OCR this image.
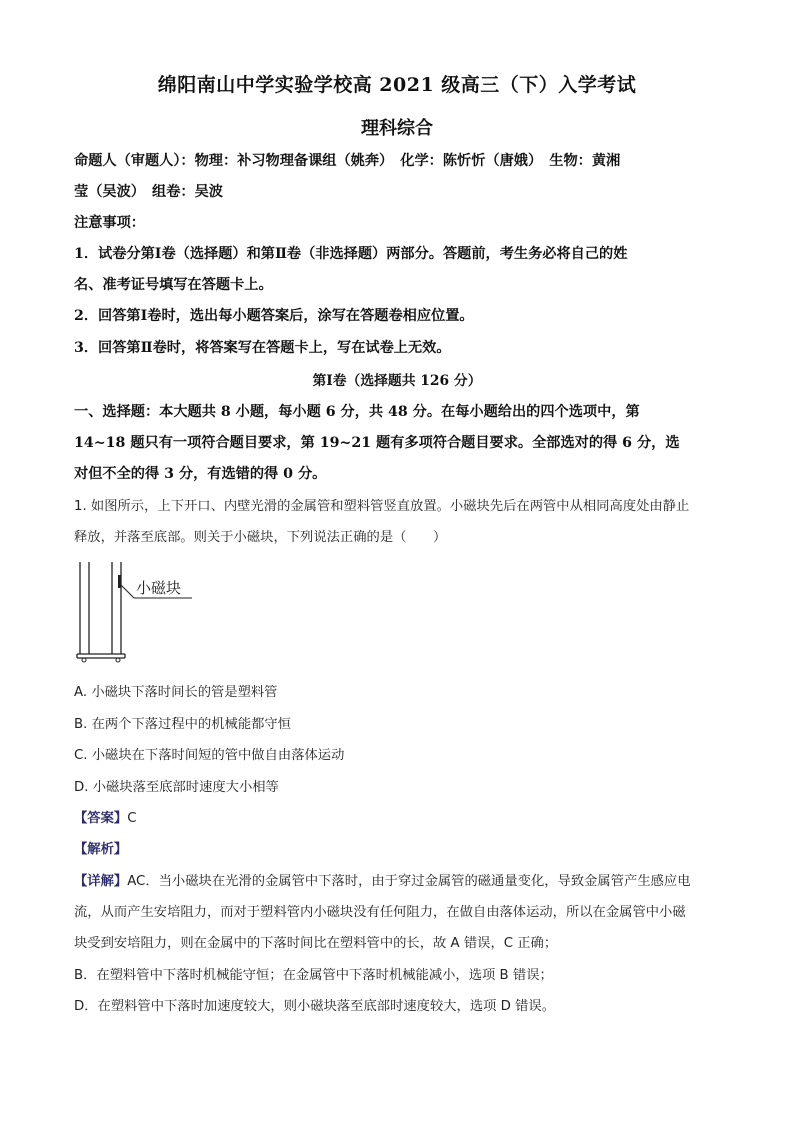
绵阳南山中学实验学校高 2021 级高三（下）入学考试
理科综合
命题人（审题人）：物理：补习物理备课组（姚奔）　化学：陈忻忻（唐娥）　生物：黄湘
莹（吴波）　组卷：吴波
注意事项：
1．试卷分第Ⅰ卷（选择题）和第Ⅱ卷（非选择题）两部分。答题前，考生务必将自己的姓
名、准考证号填写在答题卡上。
2．回答第Ⅰ卷时，选出每小题答案后，涂写在答题卷相应位置。
3．回答第Ⅱ卷时，将答案写在答题卡上，写在试卷上无效。
第Ⅰ卷（选择题共 126 分）
一、选择题：本大题共 8 小题，每小题 6 分，共 48 分。在每小题给出的四个选项中，第
14~18 题只有一项符合题目要求，第 19~21 题有多项符合题目要求。全部选对的得 6 分，选
对但不全的得 3 分，有选错的得 0 分。
1. 如图所示，上下开口、内壁光滑的金属管和塑料管竖直放置。小磁块先后在两管中从相同高度处由静止
释放，并落至底部。则关于小磁块，下列说法正确的是（　　）
小磁块
A. 小磁块下落时间长的管是塑料管
B. 在两个下落过程中的机械能都守恒
C. 小磁块在下落时间短的管中做自由落体运动
D. 小磁块落至底部时速度大小相等
【答案】C
【解析】
【详解】AC．当小磁块在光滑的金属管中下落时，由于穿过金属管的磁通量变化，导致金属管产生感应电
流，从而产生安培阻力，而对于塑料管内小磁块没有任何阻力，在做自由落体运动，所以在金属管中小磁
块受到安培阻力，则在金属中的下落时间比在塑料管中的长，故 A 错误，C 正确；
B．在塑料管中下落时机械能守恒；在金属管中下落时机械能减小，选项 B 错误；
D．在塑料管中下落时加速度较大，则小磁块落至底部时速度较大，选项 D 错误。
